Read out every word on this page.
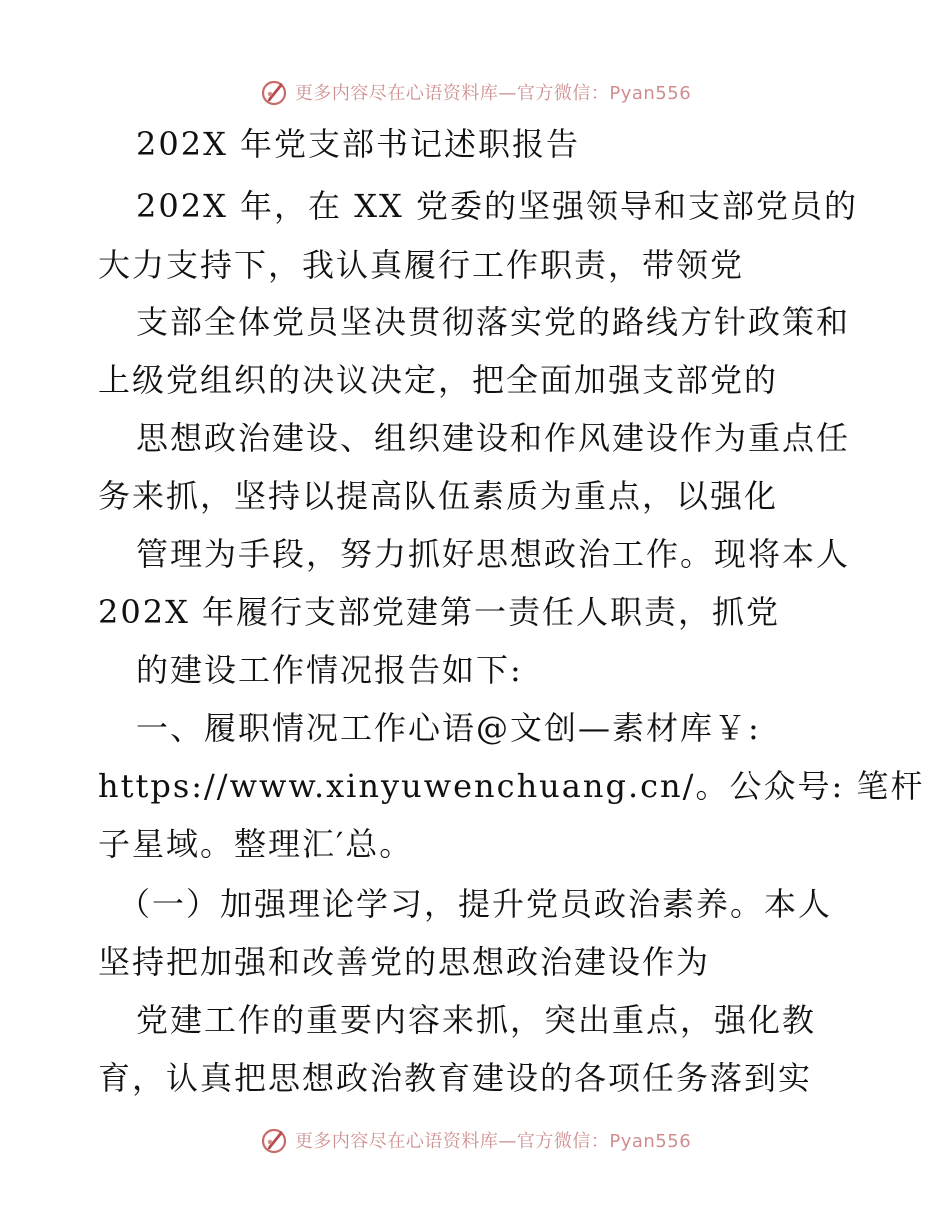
更多内容尽在心语资料库—官方微信：Pyan556
202X 年党支部书记述职报告
202X 年，在 XX 党委的坚强领导和支部党员的
大力支持下，我认真履行工作职责，带领党
支部全体党员坚决贯彻落实党的路线方针政策和
上级党组织的决议决定，把全面加强支部党的
思想政治建设、组织建设和作风建设作为重点任
务来抓，坚持以提高队伍素质为重点，以强化
管理为手段，努力抓好思想政治工作。现将本人
202X 年履行支部党建第一责任人职责，抓党
的建设工作情况报告如下:
一、履职情况工作心语@文创—素材库￥:
https://www.xinyuwenchuang.cn/。公众号: 笔杆
子星域。整理汇′总。
（一）加强理论学习，提升党员政治素养。本人
坚持把加强和改善党的思想政治建设作为
党建工作的重要内容来抓，突出重点，强化教
育，认真把思想政治教育建设的各项任务落到实
更多内容尽在心语资料库—官方微信：Pyan556
